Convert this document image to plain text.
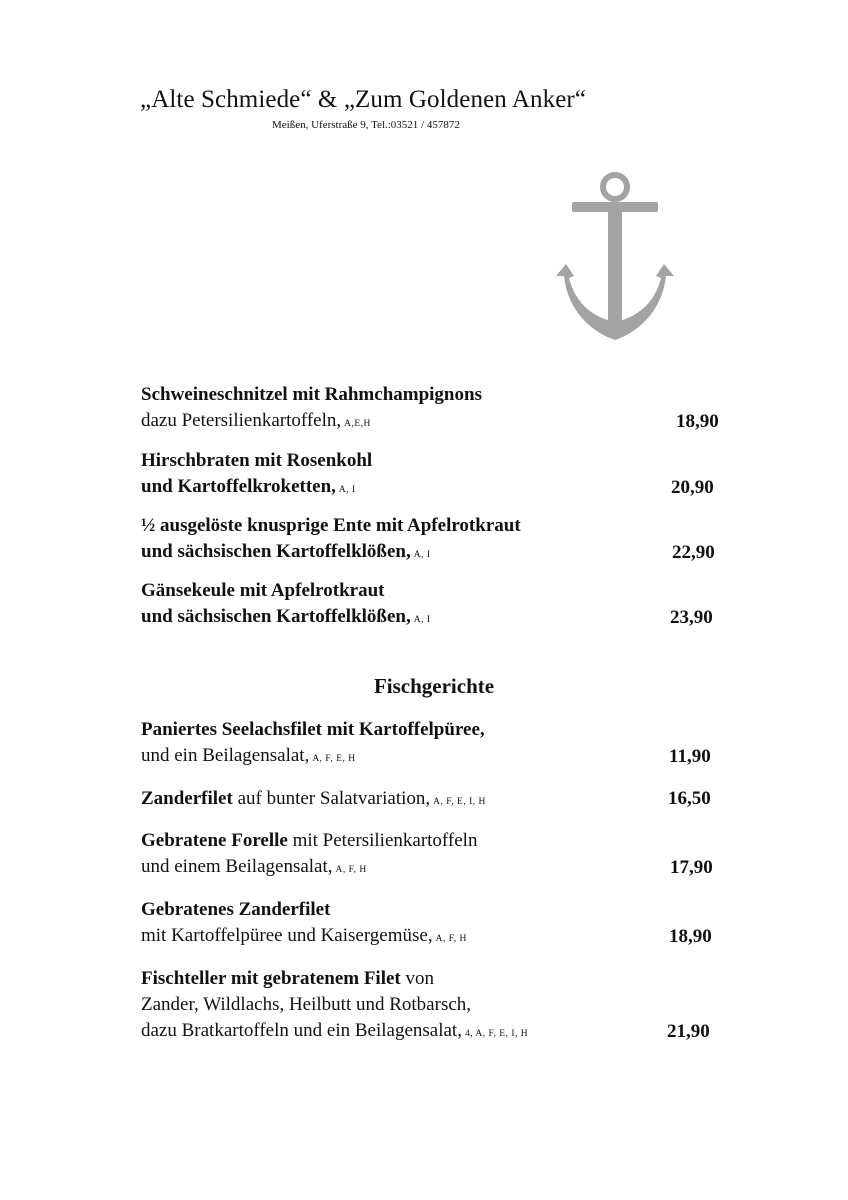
„Alte Schmiede“ & „Zum Goldenen Anker“
Meißen, Uferstraße 9, Tel.:03521 / 457872
Schweineschnitzel mit Rahmchampignons
dazu Petersilienkartoffeln, A,E,H	18,90
Hirschbraten mit Rosenkohl
und Kartoffelkroketten, A, I	20,90
½ ausgelöste knusprige Ente mit Apfelrotkraut
und sächsischen Kartoffelklößen, A, I	22,90
Gänsekeule mit Apfelrotkraut
und sächsischen Kartoffelklößen, A, I	23,90
Fischgerichte
Paniertes Seelachsfilet mit Kartoffelpüree,
und ein Beilagensalat, A, F, E, H	11,90
Zanderfilet auf bunter Salatvariation, A, F, E, I, H	16,50
Gebratene Forelle mit Petersilienkartoffeln
und einem Beilagensalat, A, F, H	17,90
Gebratenes Zanderfilet
mit Kartoffelpüree und Kaisergemüse, A, F, H	18,90
Fischteller mit gebratenem Filet von
Zander, Wildlachs, Heilbutt und Rotbarsch,
dazu Bratkartoffeln und ein Beilagensalat, 4, A, F, E, I, H	21,90
